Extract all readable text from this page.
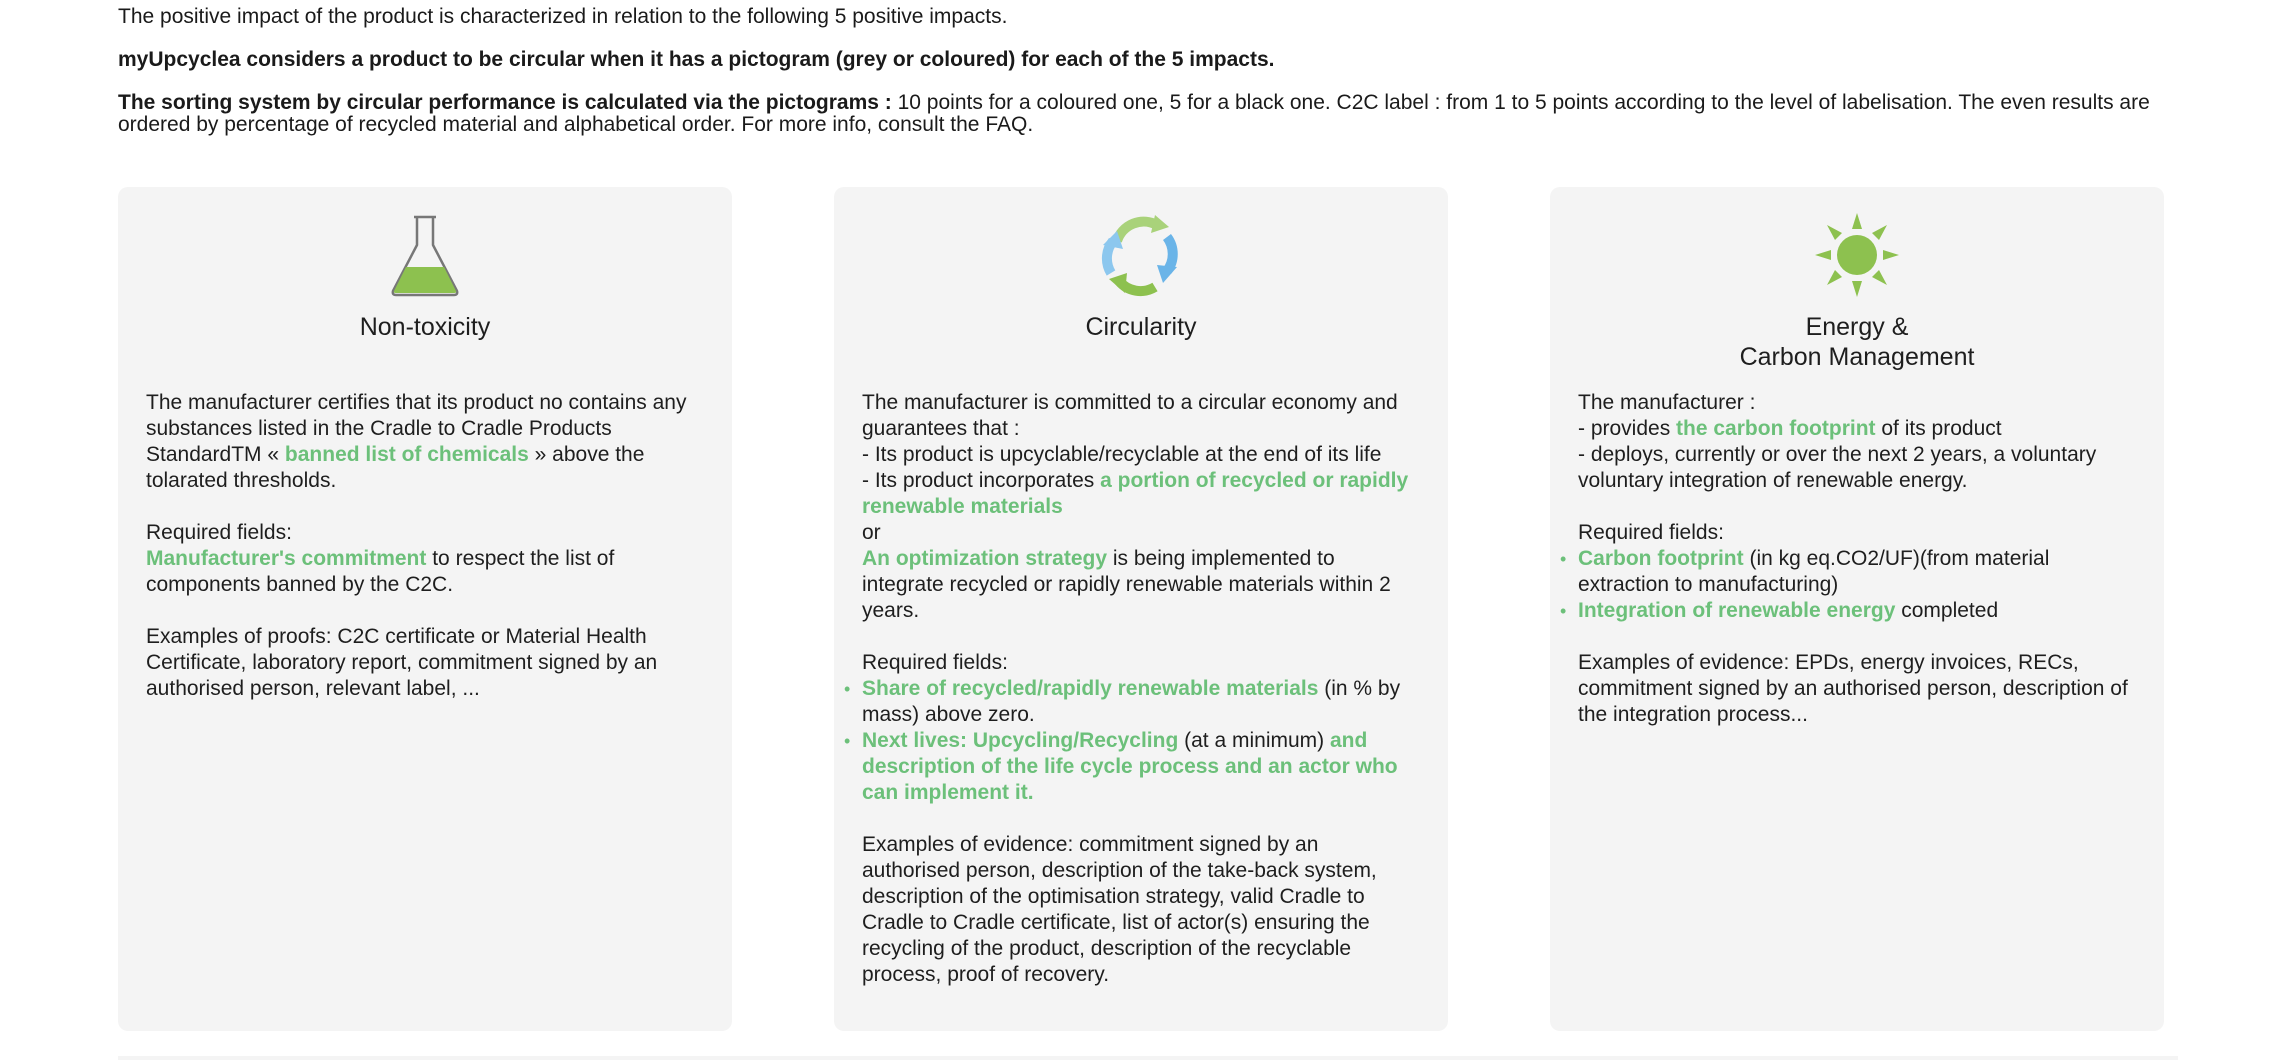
The positive impact of the product is characterized in relation to the following 5 positive impacts.

myUpcyclea considers a product to be circular when it has a pictogram (grey or coloured) for each of the 5 impacts.

The sorting system by circular performance is calculated via the pictograms : 10 points for a coloured one, 5 for a black one. C2C label : from 1 to 5 points according to the level of labelisation. The even results are ordered by percentage of recycled material and alphabetical order. For more info, consult the FAQ.

Non-toxicity

The manufacturer certifies that its product no contains any substances listed in the Cradle to Cradle Products StandardTM « banned list of chemicals » above the tolarated thresholds.

Required fields:

Manufacturer's commitment to respect the list of components banned by the C2C.

Examples of proofs: C2C certificate or Material Health Certificate, laboratory report, commitment signed by an authorised person, relevant label, ...

Circularity

The manufacturer is committed to a circular economy and guarantees that :

- Its product is upcyclable/recyclable at the end of its life

- Its product incorporates a portion of recycled or rapidly renewable materials

or

An optimization strategy is being implemented to integrate recycled or rapidly renewable materials within 2 years.

Required fields:

• Share of recycled/rapidly renewable materials (in % by mass) above zero.

• Next lives: Upcycling/Recycling (at a minimum) and description of the life cycle process and an actor who can implement it.

Examples of evidence: commitment signed by an authorised person, description of the take-back system, description of the optimisation strategy, valid Cradle to Cradle to Cradle certificate, list of actor(s) ensuring the recycling of the product, description of the recyclable process, proof of recovery.

Energy &
Carbon Management

The manufacturer :

- provides the carbon footprint of its product

- deploys, currently or over the next 2 years, a voluntary voluntary integration of renewable energy.

Required fields:

• Carbon footprint (in kg eq.CO2/UF)(from material extraction to manufacturing)

• Integration of renewable energy completed

Examples of evidence: EPDs, energy invoices, RECs, commitment signed by an authorised person, description of the integration process...
